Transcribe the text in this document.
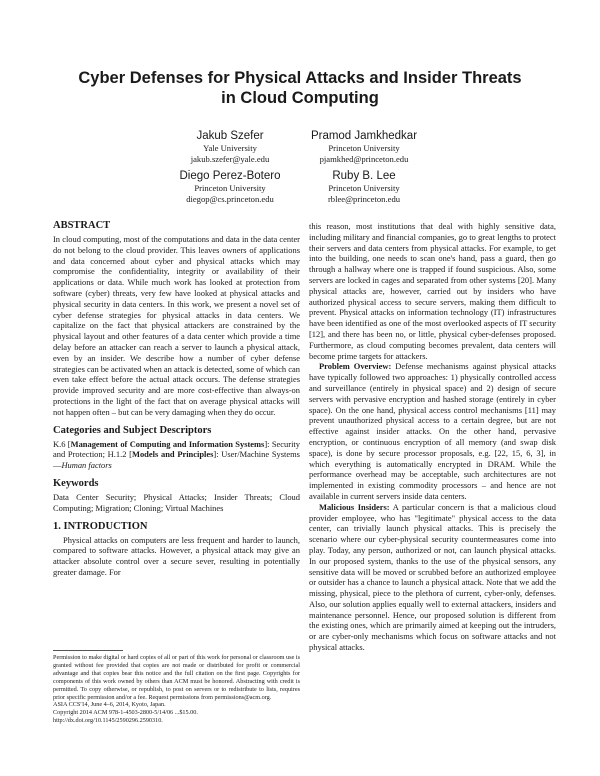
Cyber Defenses for Physical Attacks and Insider Threats
in Cloud Computing
Jakub Szefer
Yale University
jakub.szefer@yale.edu
Pramod Jamkhedkar
Princeton University
pjamkhed@princeton.edu
Diego Perez-Botero
Princeton University
diegop@cs.princeton.edu
Ruby B. Lee
Princeton University
rblee@princeton.edu
ABSTRACT

In cloud computing, most of the computations and data in the data center do not belong to the cloud provider. This leaves owners of applications and data concerned about cyber and physical attacks which may compromise the confidentiality, integrity or availability of their applications or data. While much work has looked at protection from software (cyber) threats, very few have looked at physical attacks and physical security in data centers. In this work, we present a novel set of cyber defense strategies for physical attacks in data centers. We capitalize on the fact that physical attackers are constrained by the physical layout and other features of a data center which provide a time delay before an attacker can reach a server to launch a physical attack, even by an insider. We describe how a number of cyber defense strategies can be activated when an attack is detected, some of which can even take effect before the actual attack occurs. The defense strategies provide improved security and are more cost-effective than always-on protections in the light of the fact that on average physical attacks will not happen often – but can be very damaging when they do occur.

Categories and Subject Descriptors

K.6 [Management of Computing and Information Systems]: Security and Protection; H.1.2 [Models and Principles]: User/Machine Systems—Human factors

Keywords

Data Center Security; Physical Attacks; Insider Threats; Cloud Computing; Migration; Cloning; Virtual Machines

1. INTRODUCTION

Physical attacks on computers are less frequent and harder to launch, compared to software attacks. However, a physical attack may give an attacker absolute control over a secure sever, resulting in potentially greater damage. For

Permission to make digital or hard copies of all or part of this work for personal or classroom use is granted without fee provided that copies are not made or distributed for profit or commercial advantage and that copies bear this notice and the full citation on the first page. Copyrights for components of this work owned by others than ACM must be honored. Abstracting with credit is permitted. To copy otherwise, or republish, to post on servers or to redistribute to lists, requires prior specific permission and/or a fee. Request permissions from permissions@acm.org.
ASIA CCS'14, June 4–6, 2014, Kyoto, Japan.
Copyright 2014 ACM 978-1-4503-2800-5/14/06 ...$15.00.
http://dx.doi.org/10.1145/2590296.2590310.

this reason, most institutions that deal with highly sensitive data, including military and financial companies, go to great lengths to protect their servers and data centers from physical attacks. For example, to get into the building, one needs to scan one's hand, pass a guard, then go through a hallway where one is trapped if found suspicious. Also, some servers are locked in cages and separated from other systems [20]. Many physical attacks are, however, carried out by insiders who have authorized physical access to secure servers, making them difficult to prevent. Physical attacks on information technology (IT) infrastructures have been identified as one of the most overlooked aspects of IT security [12], and there has been no, or little, physical cyber-defenses proposed. Furthermore, as cloud computing becomes prevalent, data centers will become prime targets for attackers.

Problem Overview: Defense mechanisms against physical attacks have typically followed two approaches: 1) physically controlled access and surveillance (entirely in physical space) and 2) design of secure servers with pervasive encryption and hashed storage (entirely in cyber space). On the one hand, physical access control mechanisms [11] may prevent unauthorized physical access to a certain degree, but are not effective against insider attacks. On the other hand, pervasive encryption, or continuous encryption of all memory (and swap disk space), is done by secure processor proposals, e.g. [22, 15, 6, 3], in which everything is automatically encrypted in DRAM. While the performance overhead may be acceptable, such architectures are not implemented in existing commodity processors – and hence are not available in current servers inside data centers.

Malicious Insiders: A particular concern is that a malicious cloud provider employee, who has "legitimate" physical access to the data center, can trivially launch physical attacks. This is precisely the scenario where our cyber-physical security countermeasures come into play. Today, any person, authorized or not, can launch physical attacks. In our proposed system, thanks to the use of the physical sensors, any sensitive data will be moved or scrubbed before an authorized employee or outsider has a chance to launch a physical attack. Note that we add the missing, physical, piece to the plethora of current, cyber-only, defenses. Also, our solution applies equally well to external attackers, insiders and maintenance personnel. Hence, our proposed solution is different from the existing ones, which are primarily aimed at keeping out the intruders, or are cyber-only mechanisms which focus on software attacks and not physical attacks.
